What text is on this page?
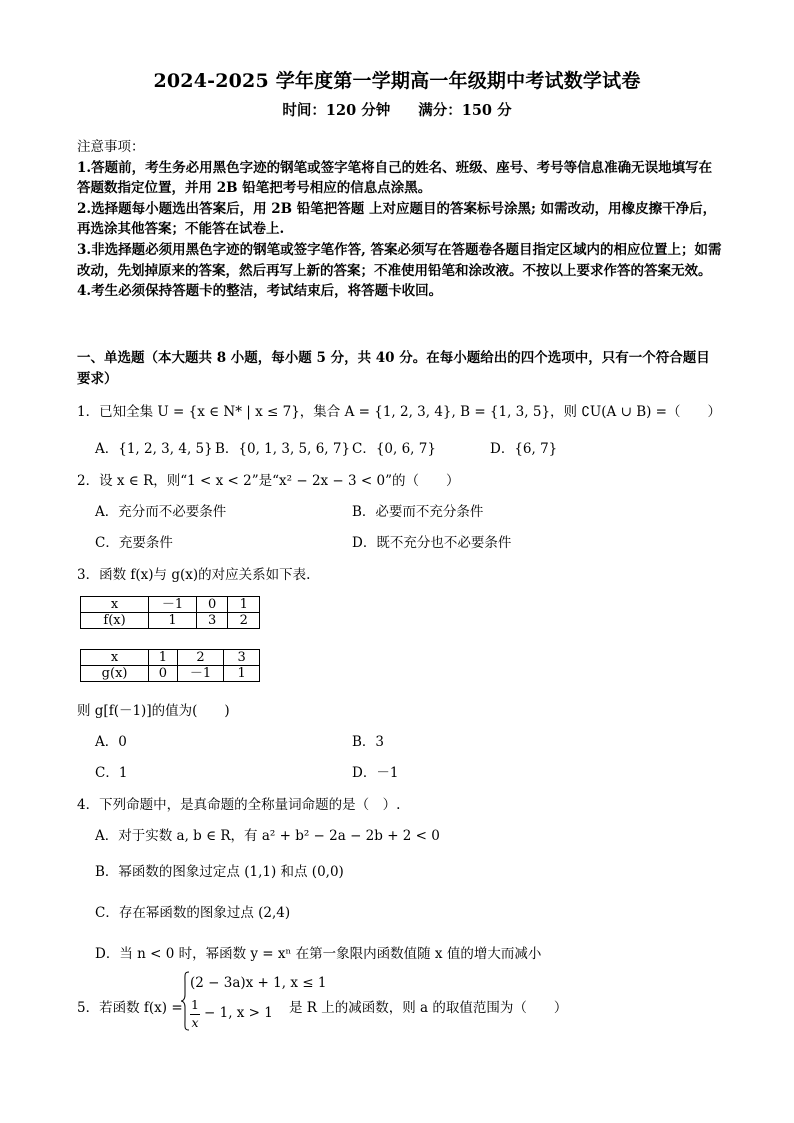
2024-2025 学年度第一学期高一年级期中考试数学试卷
时间：120 分钟 满分：150 分

注意事项：

1.答题前，考生务必用黑色字迹的钢笔或签字笔将自己的姓名、班级、座号、考号等信息准确无误地填写在答题数指定位置，并用 2B 铅笔把考号相应的信息点涂黑。

2.选择题每小题选出答案后，用 2B 铅笔把答题 上对应题目的答案标号涂黑; 如需改动，用橡皮擦干净后，再选涂其他答案；不能答在试卷上.

3.非选择题必须用黑色字迹的钢笔或签字笔作答, 答案必须写在答题卷各题目指定区域内的相应位置上；如需改动，先划掉原来的答案，然后再写上新的答案；不准使用铅笔和涂改液。不按以上要求作答的答案无效。

4.考生必须保持答题卡的整洁，考试结束后，将答题卡收回。

一、单选题（本大题共 8 小题，每小题 5 分，共 40 分。在每小题给出的四个选项中，只有一个符合题目
要求）
1．已知全集 U = {x ∈ N* | x ≤ 7}，集合 A = {1, 2, 3, 4}, B = {1, 3, 5}，则 ∁U(A ∪ B) =（　　）
A．{1, 2, 3, 4, 5} B．{0, 1, 3, 5, 6, 7} C．{0, 6, 7}	D．{6, 7}
2．设 x ∈ R，则“1 < x < 2”是“x² − 2x − 3 < 0”的（　　）
A．充分而不必要条件	B．必要而不充分条件
C．充要条件	D．既不充分也不必要条件
3．函数 f(x)与 g(x)的对应关系如下表.
x	－1	0	1
f(x)	1	3	2
x	1	2	3
g(x)	0	－1	1
则 g[f(－1)]的值为(　　)
A．0	B．3
C．1	D．－1
4．下列命题中，是真命题的全称量词命题的是（　）.
A．对于实数 a, b ∈ R，有 a² + b² − 2a − 2b + 2 < 0
B．幂函数的图象过定点 (1,1) 和点 (0,0)
C．存在幂函数的图象过点 (2,4)
D．当 n < 0 时，幂函数 y = xⁿ 在第一象限内函数值随 x 值的增大而减小
5．若函数 f(x) =
(2 − 3a)x + 1, x ≤ 1
1
x
− 1, x > 1 是 R 上的减函数，则 a 的取值范围为（　　）
